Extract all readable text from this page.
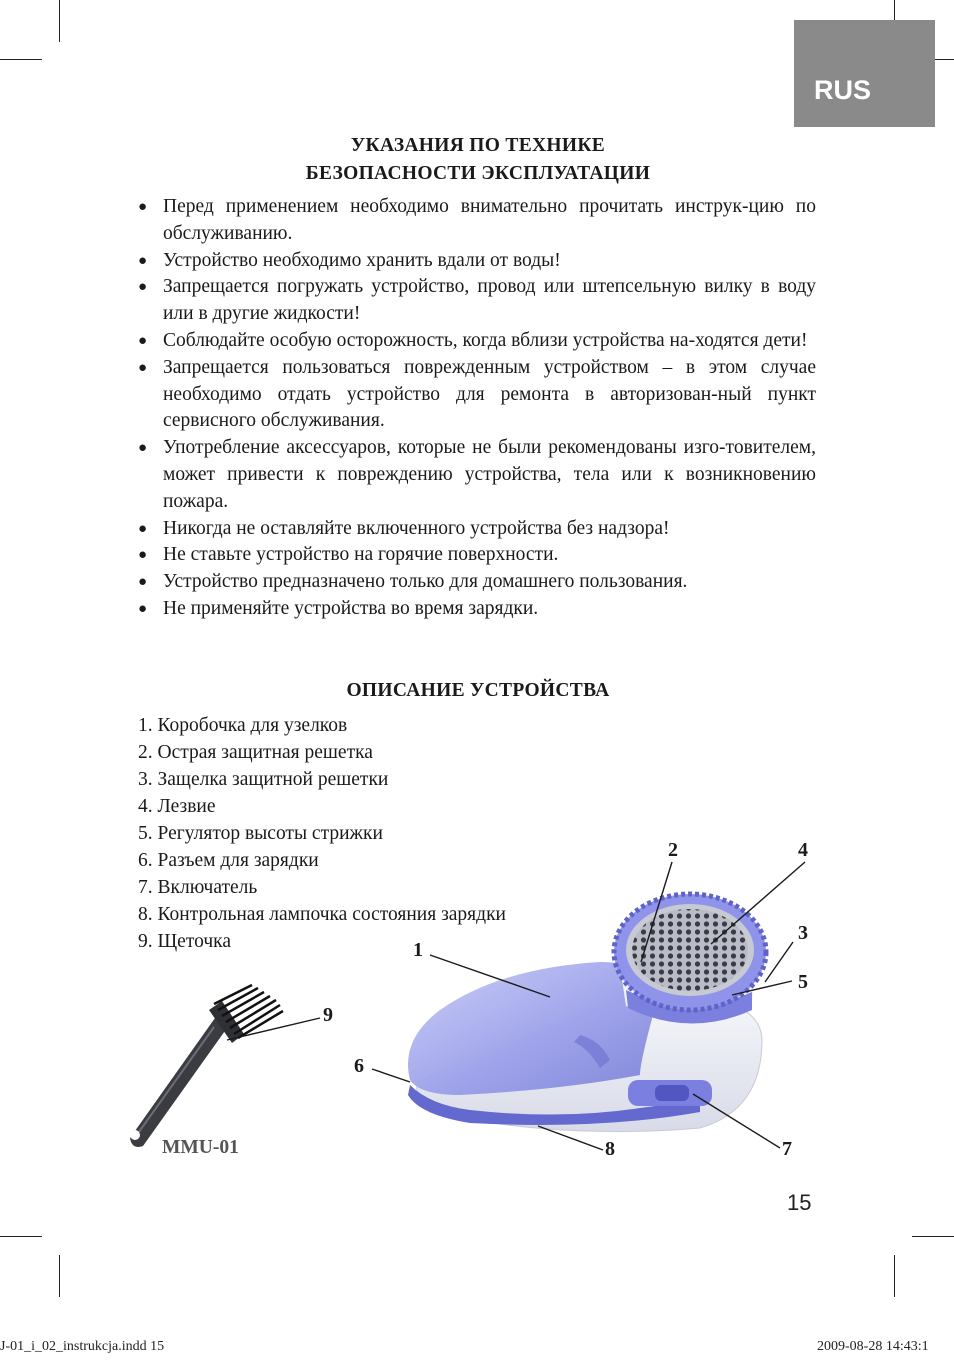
RUS
УКАЗАНИЯ ПО ТЕХНИКЕ
БЕЗОПАСНОСТИ ЭКСПЛУАТАЦИИ
● Перед применением необходимо внимательно прочитать инструк-цию по обслуживанию.
● Устройство необходимо хранить вдали от воды!
● Запрещается погружать устройство, провод или штепсельную вилку в воду или в другие жидкости!
● Соблюдайте особую осторожность, когда вблизи устройства на-ходятся дети!
● Запрещается пользоваться поврежденным устройством – в этом случае необходимо отдать устройство для ремонта в авторизован-ный пункт сервисного обслуживания.
● Употребление аксессуаров, которые не были рекомендованы изго-товителем, может привести к повреждению устройства, тела или к возникновению пожара.
● Никогда не оставляйте включенного устройства без надзора!
● Не ставьте устройство на горячие поверхности.
● Устройство предназначено только для домашнего пользования.
● Не применяйте устройства во время зарядки.
ОПИСАНИЕ УСТРОЙСТВА
1. Коробочка для узелков
2. Острая защитная решетка
3. Защелка защитной решетки
4. Лезвие
5. Регулятор высоты стрижки
6. Разъем для зарядки
7. Включатель
8. Контрольная лампочка состояния зарядки
9. Щеточка	1
2
3
4
5
6
7
8
9
MMU-01
15
J-01_i_02_instrukcja.indd 15	2009-08-28 14:43:1
